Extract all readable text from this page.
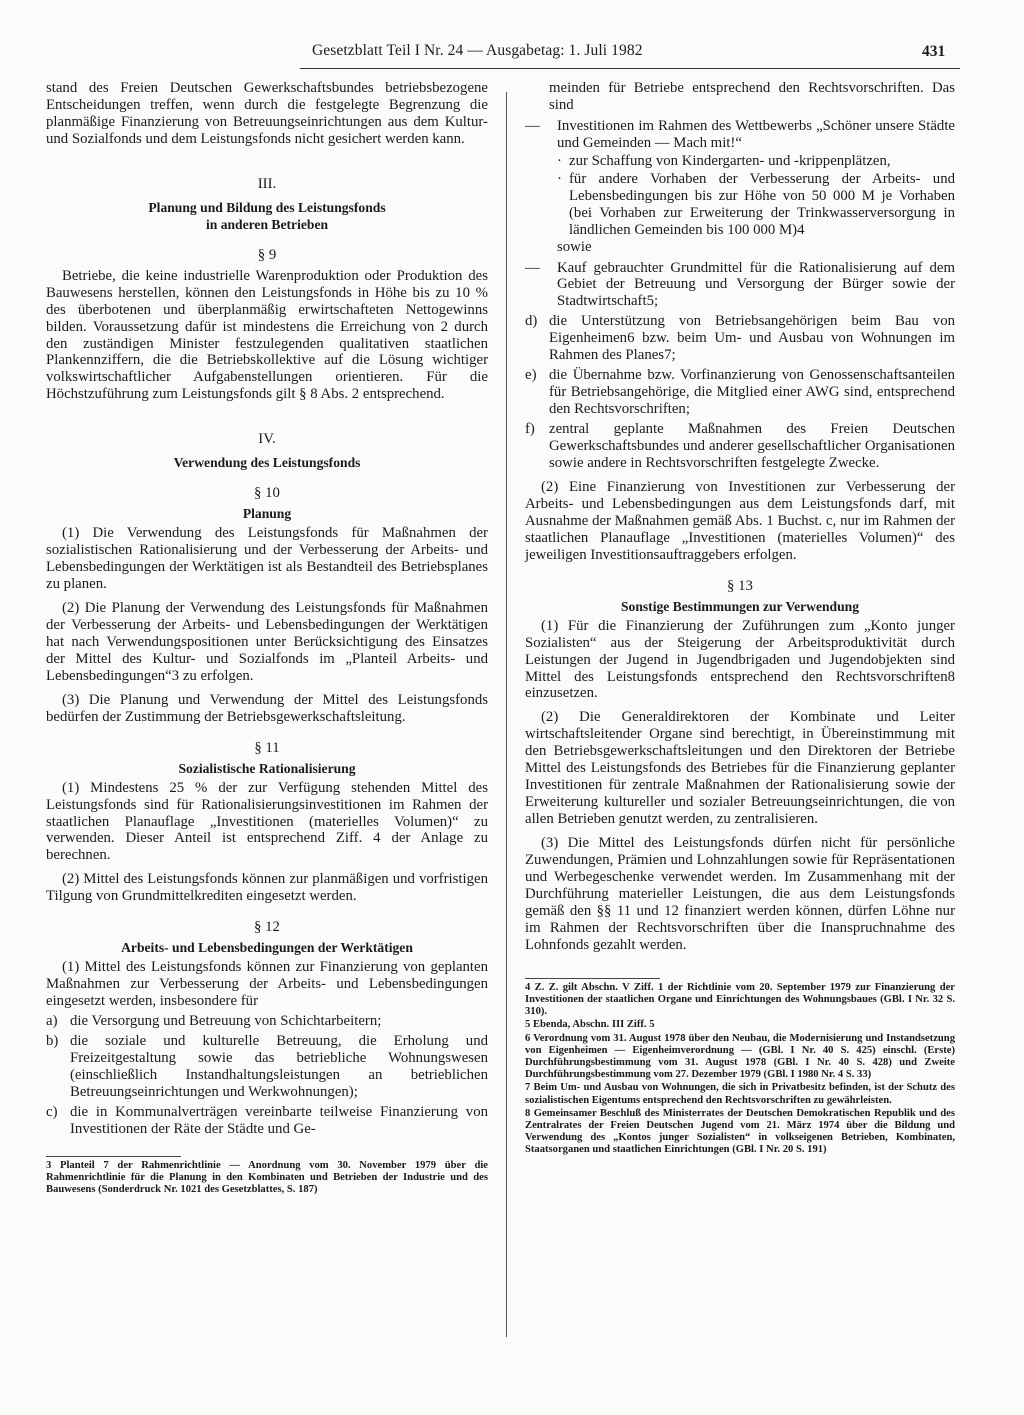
Gesetzblatt Teil I Nr. 24 — Ausgabetag: 1. Juli 1982	431

stand des Freien Deutschen Gewerkschaftsbundes betriebsbezogene Entscheidungen treffen, wenn durch die festgelegte Begrenzung die planmäßige Finanzierung von Betreuungseinrichtungen aus dem Kultur- und Sozialfonds und dem Leistungsfonds nicht gesichert werden kann.

III.
Planung und Bildung des Leistungsfonds
in anderen Betrieben
§ 9

Betriebe, die keine industrielle Warenproduktion oder Produktion des Bauwesens herstellen, können den Leistungsfonds in Höhe bis zu 10 % des überbotenen und überplanmäßig erwirtschafteten Nettogewinns bilden. Voraussetzung dafür ist mindestens die Erreichung von 2 durch den zuständigen Minister festzulegenden qualitativen staatlichen Plankennziffern, die die Betriebskollektive auf die Lösung wichtiger volkswirtschaftlicher Aufgabenstellungen orientieren. Für die Höchstzuführung zum Leistungsfonds gilt § 8 Abs. 2 entsprechend.

IV.
Verwendung des Leistungsfonds
§ 10
Planung

(1) Die Verwendung des Leistungsfonds für Maßnahmen der sozialistischen Rationalisierung und der Verbesserung der Arbeits- und Lebensbedingungen der Werktätigen ist als Bestandteil des Betriebsplanes zu planen.

(2) Die Planung der Verwendung des Leistungsfonds für Maßnahmen der Verbesserung der Arbeits- und Lebensbedingungen der Werktätigen hat nach Verwendungspositionen unter Berücksichtigung des Einsatzes der Mittel des Kultur- und Sozialfonds im „Planteil Arbeits- und Lebensbedingungen“3 zu erfolgen.

(3) Die Planung und Verwendung der Mittel des Leistungsfonds bedürfen der Zustimmung der Betriebsgewerkschaftsleitung.

§ 11
Sozialistische Rationalisierung

(1) Mindestens 25 % der zur Verfügung stehenden Mittel des Leistungsfonds sind für Rationalisierungsinvestitionen im Rahmen der staatlichen Planauflage „Investitionen (materielles Volumen)“ zu verwenden. Dieser Anteil ist entsprechend Ziff. 4 der Anlage zu berechnen.

(2) Mittel des Leistungsfonds können zur planmäßigen und vorfristigen Tilgung von Grundmittelkrediten eingesetzt werden.

§ 12
Arbeits- und Lebensbedingungen der Werktätigen

(1) Mittel des Leistungsfonds können zur Finanzierung von geplanten Maßnahmen zur Verbesserung der Arbeits- und Lebensbedingungen eingesetzt werden, insbesondere für

a) die Versorgung und Betreuung von Schichtarbeitern;
b) die soziale und kulturelle Betreuung, die Erholung und Freizeitgestaltung sowie das betriebliche Wohnungswesen (einschließlich Instandhaltungsleistungen an betrieblichen Betreuungseinrichtungen und Werkwohnungen);
c) die in Kommunalverträgen vereinbarte teilweise Finanzierung von Investitionen der Räte der Städte und Ge-

3 Planteil 7 der Rahmenrichtlinie — Anordnung vom 30. November 1979 über die Rahmenrichtlinie für die Planung in den Kombinaten und Betrieben der Industrie und des Bauwesens (Sonderdruck Nr. 1021 des Gesetzblattes, S. 187)

meinden für Betriebe entsprechend den Rechtsvorschriften. Das sind

—	Investitionen im Rahmen des Wettbewerbs „Schöner unsere Städte und Gemeinden — Mach mit!“
· zur Schaffung von Kindergarten- und -krippenplätzen,
· für andere Vorhaben der Verbesserung der Arbeits- und Lebensbedingungen bis zur Höhe von 50 000 M je Vorhaben (bei Vorhaben zur Erweiterung der Trinkwasserversorgung in ländlichen Gemeinden bis 100 000 M)4
sowie
—	Kauf gebrauchter Grundmittel für die Rationalisierung auf dem Gebiet der Betreuung und Versorgung der Bürger sowie der Stadtwirtschaft5;
d) die Unterstützung von Betriebsangehörigen beim Bau von Eigenheimen6 bzw. beim Um- und Ausbau von Wohnungen im Rahmen des Planes7;
e) die Übernahme bzw. Vorfinanzierung von Genossenschaftsanteilen für Betriebsangehörige, die Mitglied einer AWG sind, entsprechend den Rechtsvorschriften;
f) zentral geplante Maßnahmen des Freien Deutschen Gewerkschaftsbundes und anderer gesellschaftlicher Organisationen sowie andere in Rechtsvorschriften festgelegte Zwecke.

(2) Eine Finanzierung von Investitionen zur Verbesserung der Arbeits- und Lebensbedingungen aus dem Leistungsfonds darf, mit Ausnahme der Maßnahmen gemäß Abs. 1 Buchst. c, nur im Rahmen der staatlichen Planauflage „Investitionen (materielles Volumen)“ des jeweiligen Investitionsauftraggebers erfolgen.

§ 13
Sonstige Bestimmungen zur Verwendung

(1) Für die Finanzierung der Zuführungen zum „Konto junger Sozialisten“ aus der Steigerung der Arbeitsproduktivität durch Leistungen der Jugend in Jugendbrigaden und Jugendobjekten sind Mittel des Leistungsfonds entsprechend den Rechtsvorschriften8 einzusetzen.

(2) Die Generaldirektoren der Kombinate und Leiter wirtschaftsleitender Organe sind berechtigt, in Übereinstimmung mit den Betriebsgewerkschaftsleitungen und den Direktoren der Betriebe Mittel des Leistungsfonds des Betriebes für die Finanzierung geplanter Investitionen für zentrale Maßnahmen der Rationalisierung sowie der Erweiterung kultureller und sozialer Betreuungseinrichtungen, die von allen Betrieben genutzt werden, zu zentralisieren.

(3) Die Mittel des Leistungsfonds dürfen nicht für persönliche Zuwendungen, Prämien und Lohnzahlungen sowie für Repräsentationen und Werbegeschenke verwendet werden. Im Zusammenhang mit der Durchführung materieller Leistungen, die aus dem Leistungsfonds gemäß den §§ 11 und 12 finanziert werden können, dürfen Löhne nur im Rahmen der Rechtsvorschriften über die Inanspruchnahme des Lohnfonds gezahlt werden.

4 Z. Z. gilt Abschn. V Ziff. 1 der Richtlinie vom 20. September 1979 zur Finanzierung der Investitionen der staatlichen Organe und Einrichtungen des Wohnungsbaues (GBl. I Nr. 32 S. 310).

5 Ebenda, Abschn. III Ziff. 5

6 Verordnung vom 31. August 1978 über den Neubau, die Modernisierung und Instandsetzung von Eigenheimen — Eigenheimverordnung — (GBl. I Nr. 40 S. 425) einschl. (Erste) Durchführungsbestimmung vom 31. August 1978 (GBl. I Nr. 40 S. 428) und Zweite Durchführungsbestimmung vom 27. Dezember 1979 (GBl. I 1980 Nr. 4 S. 33)

7 Beim Um- und Ausbau von Wohnungen, die sich in Privatbesitz befinden, ist der Schutz des sozialistischen Eigentums entsprechend den Rechtsvorschriften zu gewährleisten.

8 Gemeinsamer Beschluß des Ministerrates der Deutschen Demokratischen Republik und des Zentralrates der Freien Deutschen Jugend vom 21. März 1974 über die Bildung und Verwendung des „Kontos junger Sozialisten“ in volkseigenen Betrieben, Kombinaten, Staatsorganen und staatlichen Einrichtungen (GBl. I Nr. 20 S. 191)
